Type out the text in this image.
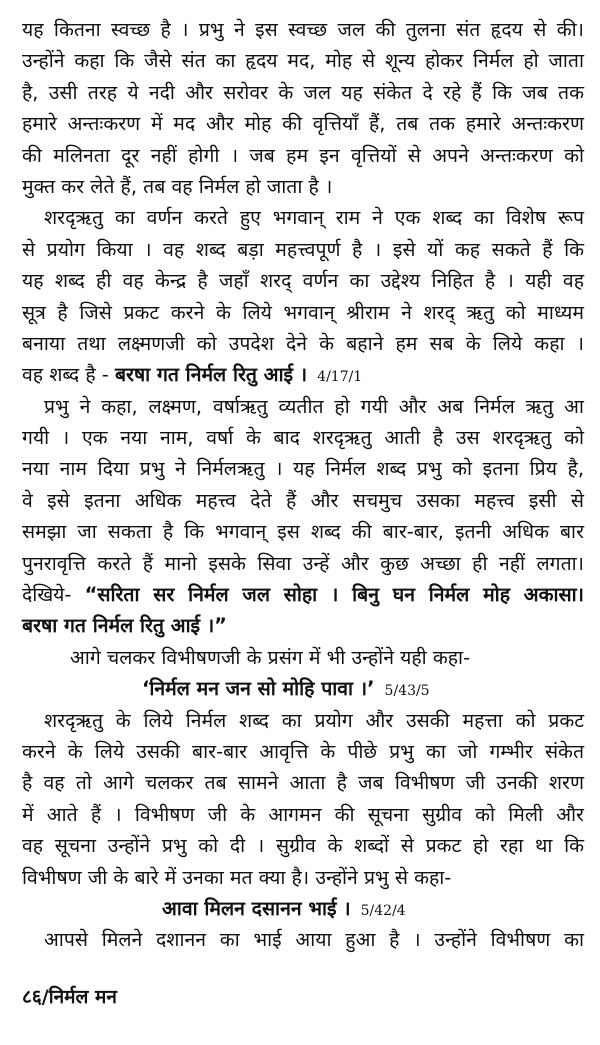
यह कितना स्वच्छ है । प्रभु ने इस स्वच्छ जल की तुलना संत हृदय से की।
उन्होंने कहा कि जैसे संत का हृदय मद, मोह से शून्य होकर निर्मल हो जाता
है, उसी तरह ये नदी और सरोवर के जल यह संकेत दे रहे हैं कि जब तक
हमारे अन्तःकरण में मद और मोह की वृत्तियाँ हैं, तब तक हमारे अन्तःकरण
की मलिनता दूर नहीं होगी । जब हम इन वृत्तियों से अपने अन्तःकरण को
मुक्त कर लेते हैं, तब वह निर्मल हो जाता है ।
शरदृऋतु का वर्णन करते हुए भगवान् राम ने एक शब्द का विशेष रूप
से प्रयोग किया । वह शब्द बड़ा महत्त्वपूर्ण है । इसे यों कह सकते हैं कि
यह शब्द ही वह केन्द्र है जहाँ शरद् वर्णन का उद्देश्य निहित है । यही वह
सूत्र है जिसे प्रकट करने के लिये भगवान् श्रीराम ने शरद् ऋतु को माध्यम
बनाया तथा लक्ष्मणजी को उपदेश देने के बहाने हम सब के लिये कहा ।
वह शब्द है - बरषा गत निर्मल रितु आई । 4/17/1
प्रभु ने कहा, लक्ष्मण, वर्षाऋतु व्यतीत हो गयी और अब निर्मल ऋतु आ
गयी । एक नया नाम, वर्षा के बाद शरदृऋतु आती है उस शरदृऋतु को
नया नाम दिया प्रभु ने निर्मलऋतु । यह निर्मल शब्द प्रभु को इतना प्रिय है,
वे इसे इतना अधिक महत्त्व देते हैं और सचमुच उसका महत्त्व इसी से
समझा जा सकता है कि भगवान् इस शब्द की बार-बार, इतनी अधिक बार
पुनरावृत्ति करते हैं मानो इसके सिवा उन्हें और कुछ अच्छा ही नहीं लगता।
देखिये- “सरिता सर निर्मल जल सोहा । बिनु घन निर्मल मोह अकासा।
बरषा गत निर्मल रितु आई ।”
आगे चलकर विभीषणजी के प्रसंग में भी उन्होंने यही कहा-
‘निर्मल मन जन सो मोहि पावा ।’ 5/43/5
शरदृऋतु के लिये निर्मल शब्द का प्रयोग और उसकी महत्ता को प्रकट
करने के लिये उसकी बार-बार आवृत्ति के पीछे प्रभु का जो गम्भीर संकेत
है वह तो आगे चलकर तब सामने आता है जब विभीषण जी उनकी शरण
में आते हैं । विभीषण जी के आगमन की सूचना सुग्रीव को मिली और
वह सूचना उन्होंने प्रभु को दी । सुग्रीव के शब्दों से प्रकट हो रहा था कि
विभीषण जी के बारे में उनका मत क्या है। उन्होंने प्रभु से कहा-
आवा मिलन दसानन भाई । 5/42/4
आपसे मिलने दशानन का भाई आया हुआ है । उन्होंने विभीषण का
८६/निर्मल मन
